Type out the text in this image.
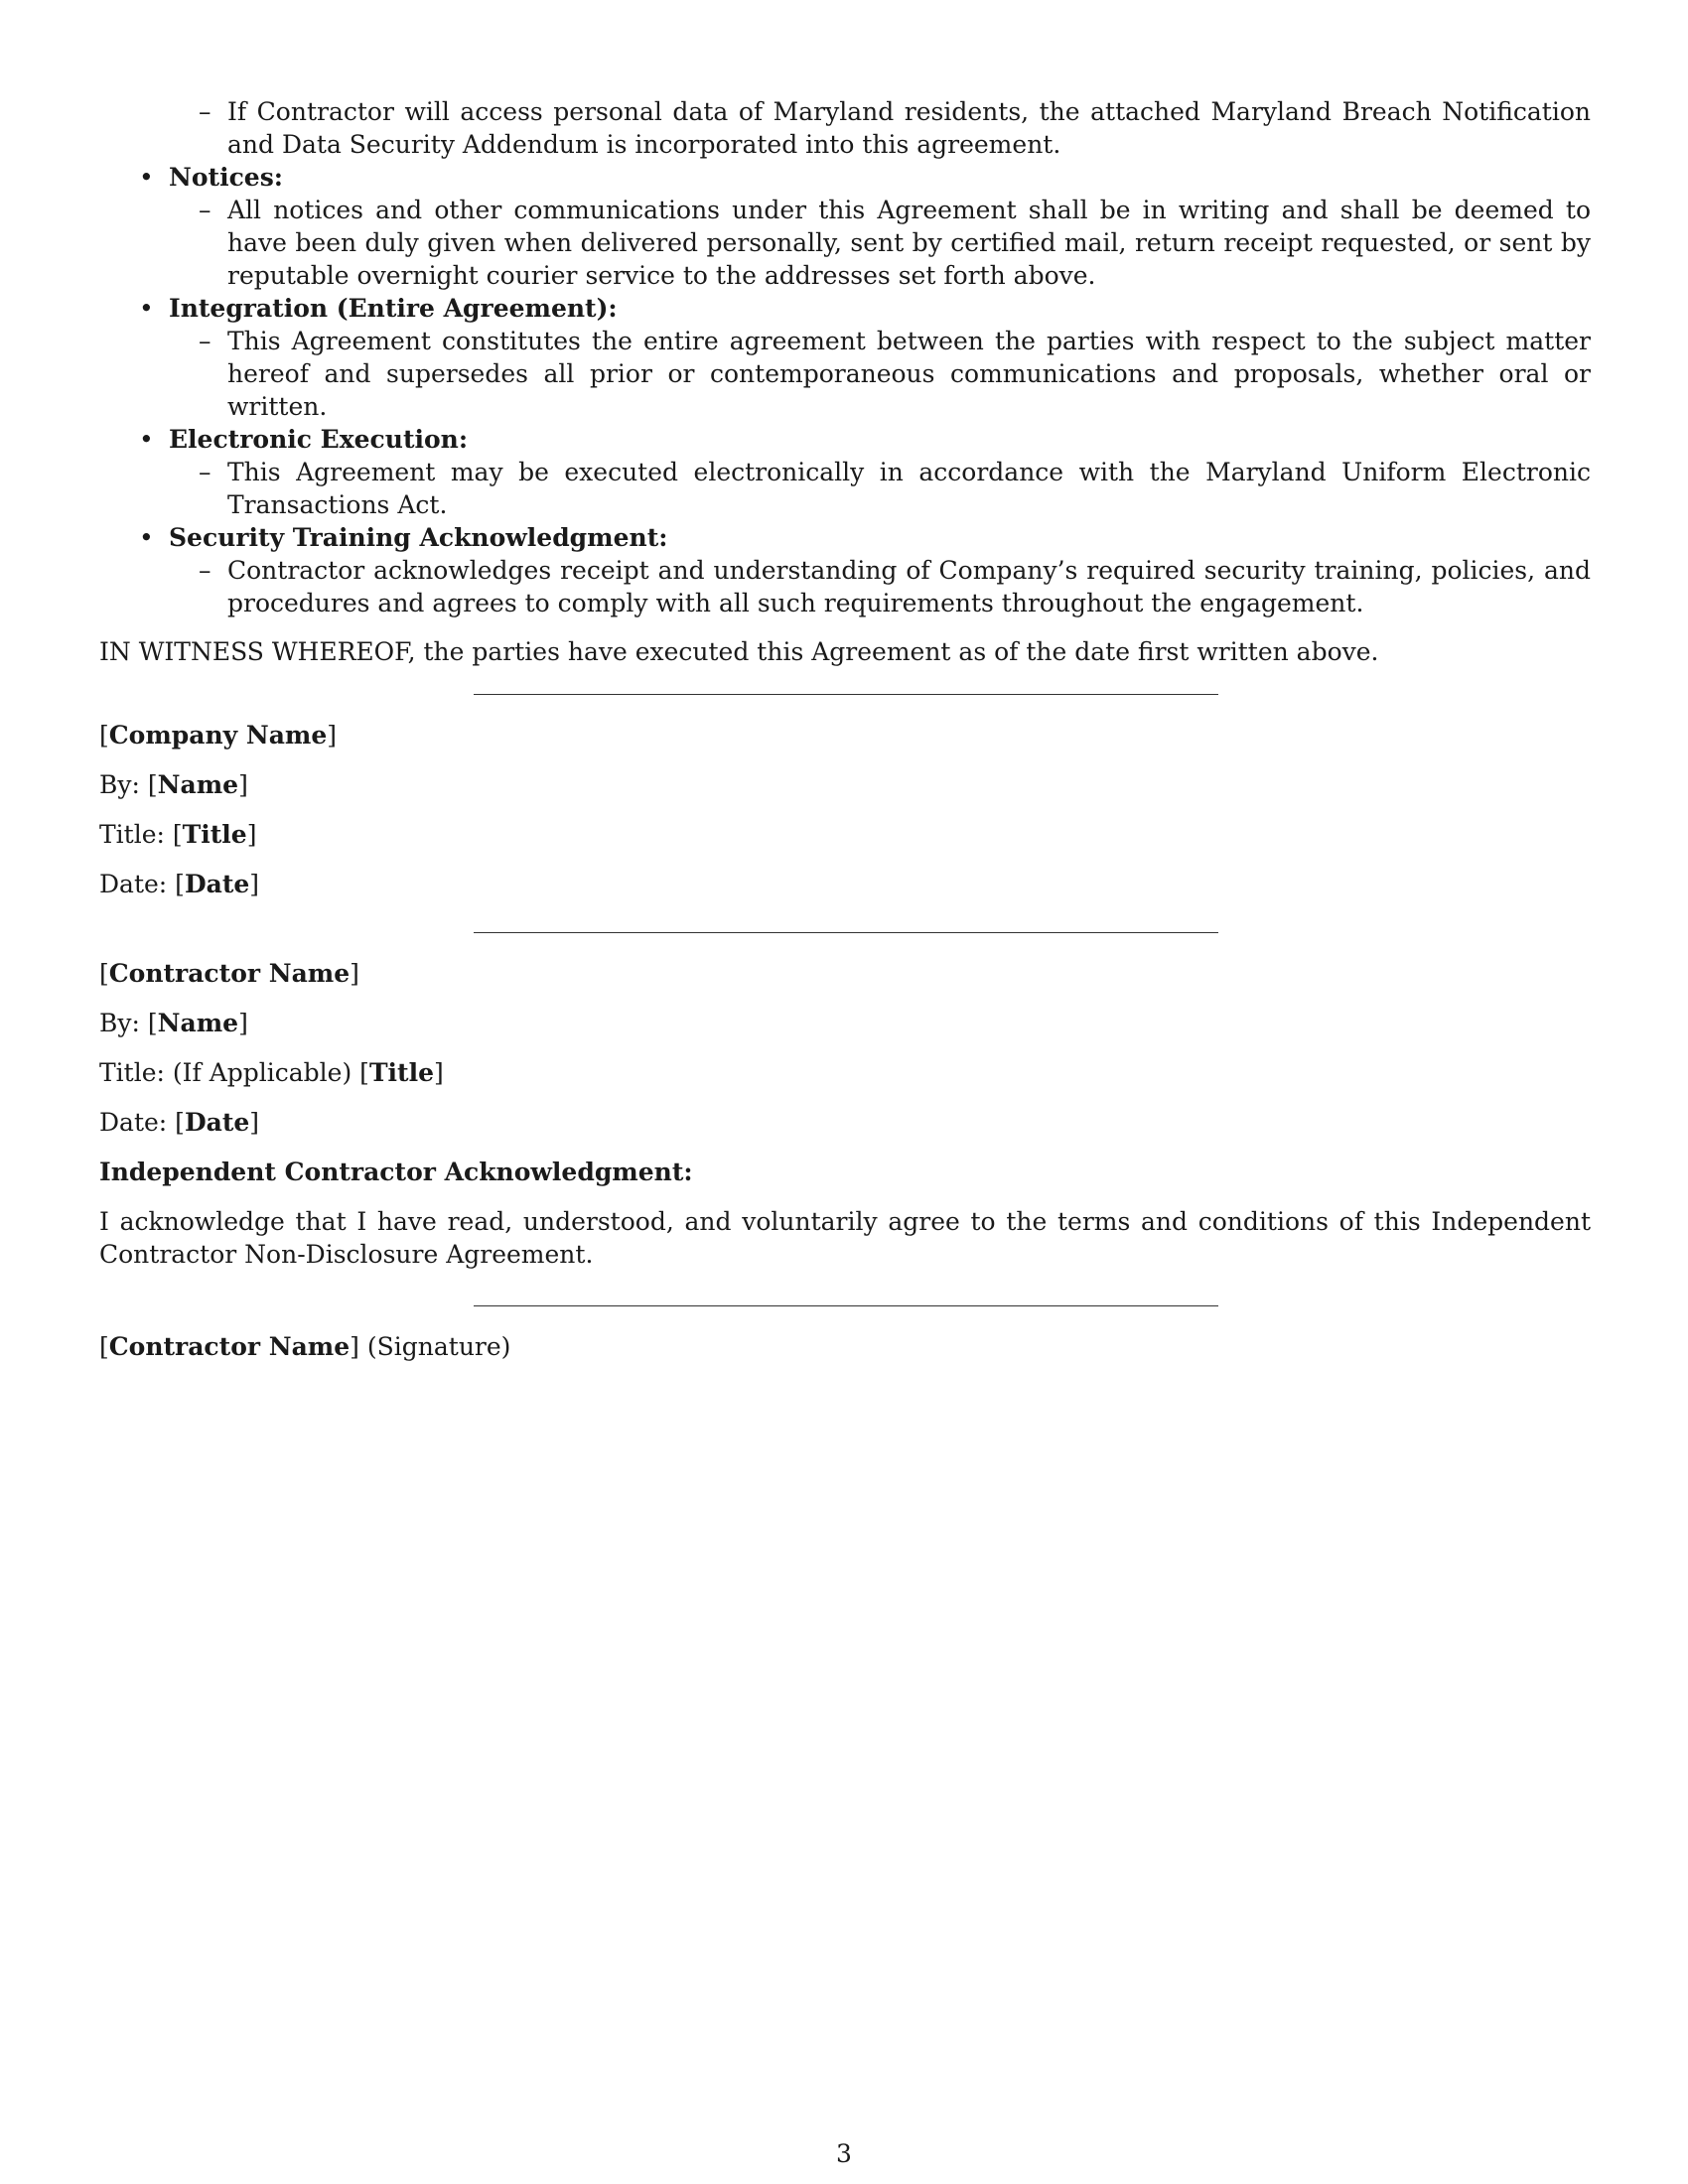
– If Contractor will access personal data of Maryland residents, the attached Maryland Breach Notification and Data Security Addendum is incorporated into this agreement.

• Notices:

– All notices and other communications under this Agreement shall be in writing and shall be deemed to have been duly given when delivered personally, sent by certified mail, return receipt requested, or sent by reputable overnight courier service to the addresses set forth above.

• Integration (Entire Agreement):

– This Agreement constitutes the entire agreement between the parties with respect to the subject matter hereof and supersedes all prior or contemporaneous communications and proposals, whether oral or written.

• Electronic Execution:

– This Agreement may be executed electronically in accordance with the Maryland Uniform Electronic Transactions Act.

• Security Training Acknowledgment:

– Contractor acknowledges receipt and understanding of Company’s required security training, policies, and procedures and agrees to comply with all such requirements throughout the engagement.

IN WITNESS WHEREOF, the parties have executed this Agreement as of the date first written above.

[Company Name]

By: [Name]

Title: [Title]

Date: [Date]

[Contractor Name]

By: [Name]

Title: (If Applicable) [Title]

Date: [Date]

Independent Contractor Acknowledgment:

I acknowledge that I have read, understood, and voluntarily agree to the terms and conditions of this Independent Contractor Non-Disclosure Agreement.

[Contractor Name] (Signature)

3
